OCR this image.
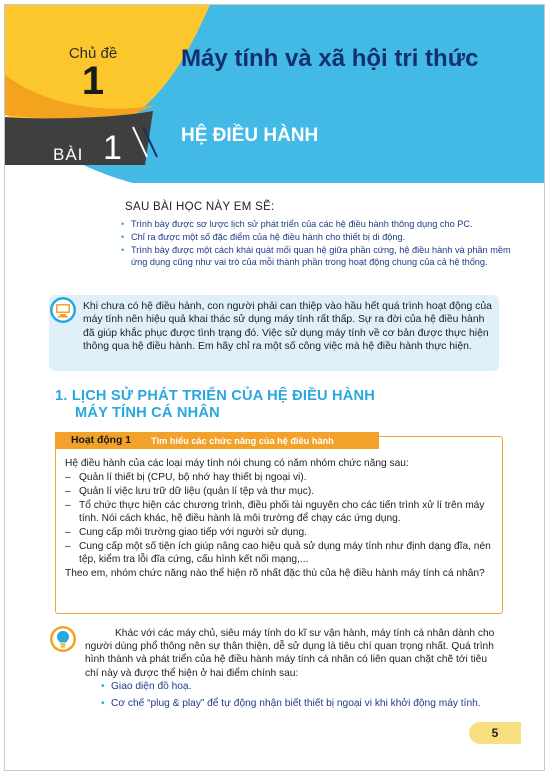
Chủ đề
1
BÀI 1
Máy tính và xã hội tri thức
HỆ ĐIỀU HÀNH
SAU BÀI HỌC NÀY EM SẼ:
• Trình bày được sơ lược lịch sử phát triển của các hệ điều hành thông dụng cho PC.
• Chỉ ra được một số đặc điểm của hệ điều hành cho thiết bị di động.
• Trình bày được một cách khái quát mối quan hệ giữa phần cứng, hệ điều hành và phần mềm ứng dụng cũng như vai trò của mỗi thành phần trong hoạt động chung của cả hệ thống.
Khi chưa có hệ điều hành, con người phải can thiệp vào hầu hết quá trình hoạt động của máy tính nên hiệu quả khai thác sử dụng máy tính rất thấp. Sự ra đời của hệ điều hành đã giúp khắc phục được tình trạng đó. Việc sử dụng máy tính về cơ bản được thực hiện thông qua hệ điều hành. Em hãy chỉ ra một số công việc mà hệ điều hành thực hiện.
1. LỊCH SỬ PHÁT TRIỂN CỦA HỆ ĐIỀU HÀNH
MÁY TÍNH CÁ NHÂN
Hoạt động 1 Tìm hiểu các chức năng của hệ điều hành

Hệ điều hành của các loại máy tính nói chung có năm nhóm chức năng sau:

– Quản lí thiết bị (CPU, bộ nhớ hay thiết bị ngoại vi).
– Quản lí việc lưu trữ dữ liệu (quản lí tệp và thư mục).
– Tổ chức thực hiện các chương trình, điều phối tài nguyên cho các tiến trình xử lí trên máy tính. Nói cách khác, hệ điều hành là môi trường để chạy các ứng dụng.
– Cung cấp môi trường giao tiếp với người sử dụng.
– Cung cấp một số tiện ích giúp nâng cao hiệu quả sử dụng máy tính như định dạng đĩa, nén tệp, kiểm tra lỗi đĩa cứng, cấu hình kết nối mạng,...

Theo em, nhóm chức năng nào thể hiện rõ nhất đặc thù của hệ điều hành máy tính cá nhân?

Khác với các máy chủ, siêu máy tính do kĩ sư vận hành, máy tính cá nhân dành cho người dùng phổ thông nên sự thân thiện, dễ sử dụng là tiêu chí quan trọng nhất. Quá trình hình thành và phát triển của hệ điều hành máy tính cá nhân có liên quan chặt chẽ tới tiêu chí này và được thể hiện ở hai điểm chính sau:

• Giao diện đồ hoạ.
• Cơ chế “plug & play” để tự động nhận biết thiết bị ngoại vi khi khởi động máy tính.
5
